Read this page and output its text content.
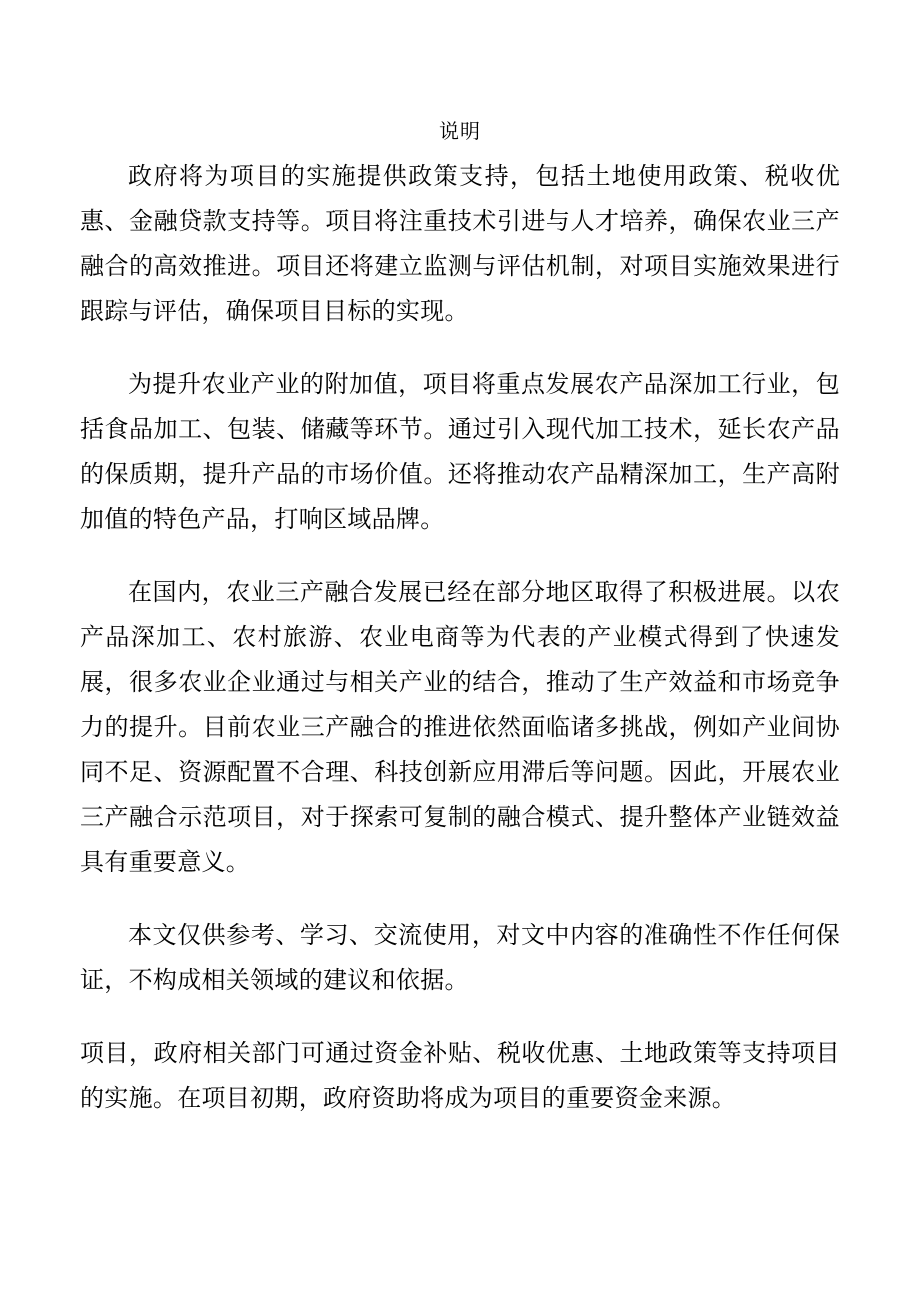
说明

政府将为项目的实施提供政策支持，包括土地使用政策、税收优惠、金融贷款支持等。项目将注重技术引进与人才培养，确保农业三产融合的高效推进。项目还将建立监测与评估机制，对项目实施效果进行跟踪与评估，确保项目目标的实现。

为提升农业产业的附加值，项目将重点发展农产品深加工行业，包括食品加工、包装、储藏等环节。通过引入现代加工技术，延长农产品的保质期，提升产品的市场价值。还将推动农产品精深加工，生产高附加值的特色产品，打响区域品牌。

在国内，农业三产融合发展已经在部分地区取得了积极进展。以农产品深加工、农村旅游、农业电商等为代表的产业模式得到了快速发展，很多农业企业通过与相关产业的结合，推动了生产效益和市场竞争力的提升。目前农业三产融合的推进依然面临诸多挑战，例如产业间协同不足、资源配置不合理、科技创新应用滞后等问题。因此，开展农业三产融合示范项目，对于探索可复制的融合模式、提升整体产业链效益具有重要意义。

本文仅供参考、学习、交流使用，对文中内容的准确性不作任何保证，不构成相关领域的建议和依据。

项目，政府相关部门可通过资金补贴、税收优惠、土地政策等支持项目的实施。在项目初期，政府资助将成为项目的重要资金来源。
